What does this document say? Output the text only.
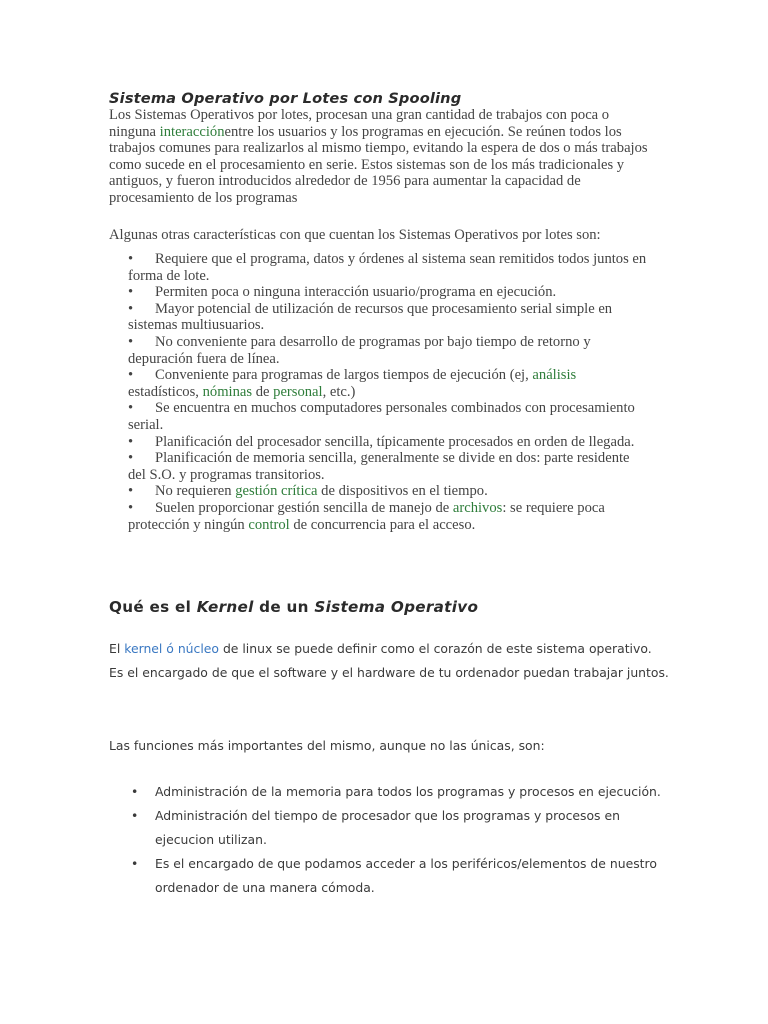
Sistema Operativo por Lotes con Spooling

Los Sistemas Operativos por lotes, procesan una gran cantidad de trabajos con poca o ninguna interacciónentre los usuarios y los programas en ejecución. Se reúnen todos los trabajos comunes para realizarlos al mismo tiempo, evitando la espera de dos o más trabajos como sucede en el procesamiento en serie. Estos sistemas son de los más tradicionales y antiguos, y fueron introducidos alrededor de 1956 para aumentar la capacidad de procesamiento de los programas

Algunas otras características con que cuentan los Sistemas Operativos por lotes son:

• Requiere que el programa, datos y órdenes al sistema sean remitidos todos juntos en forma de lote.
• Permiten poca o ninguna interacción usuario/programa en ejecución.
• Mayor potencial de utilización de recursos que procesamiento serial simple en sistemas multiusuarios.
• No conveniente para desarrollo de programas por bajo tiempo de retorno y depuración fuera de línea.
• Conveniente para programas de largos tiempos de ejecución (ej, análisis estadísticos, nóminas de personal, etc.)
• Se encuentra en muchos computadores personales combinados con procesamiento serial.
• Planificación del procesador sencilla, típicamente procesados en orden de llegada.
• Planificación de memoria sencilla, generalmente se divide en dos: parte residente del S.O. y programas transitorios.
• No requieren gestión crítica de dispositivos en el tiempo.
• Suelen proporcionar gestión sencilla de manejo de archivos: se requiere poca protección y ningún control de concurrencia para el acceso.
Qué es el Kernel de un Sistema Operativo

El kernel ó núcleo de linux se puede definir como el corazón de este sistema operativo. Es el encargado de que el software y el hardware de tu ordenador puedan trabajar juntos.

Las funciones más importantes del mismo, aunque no las únicas, son:

• Administración de la memoria para todos los programas y procesos en ejecución.
• Administración del tiempo de procesador que los programas y procesos en ejecucion utilizan.
• Es el encargado de que podamos acceder a los periféricos/elementos de nuestro ordenador de una manera cómoda.
